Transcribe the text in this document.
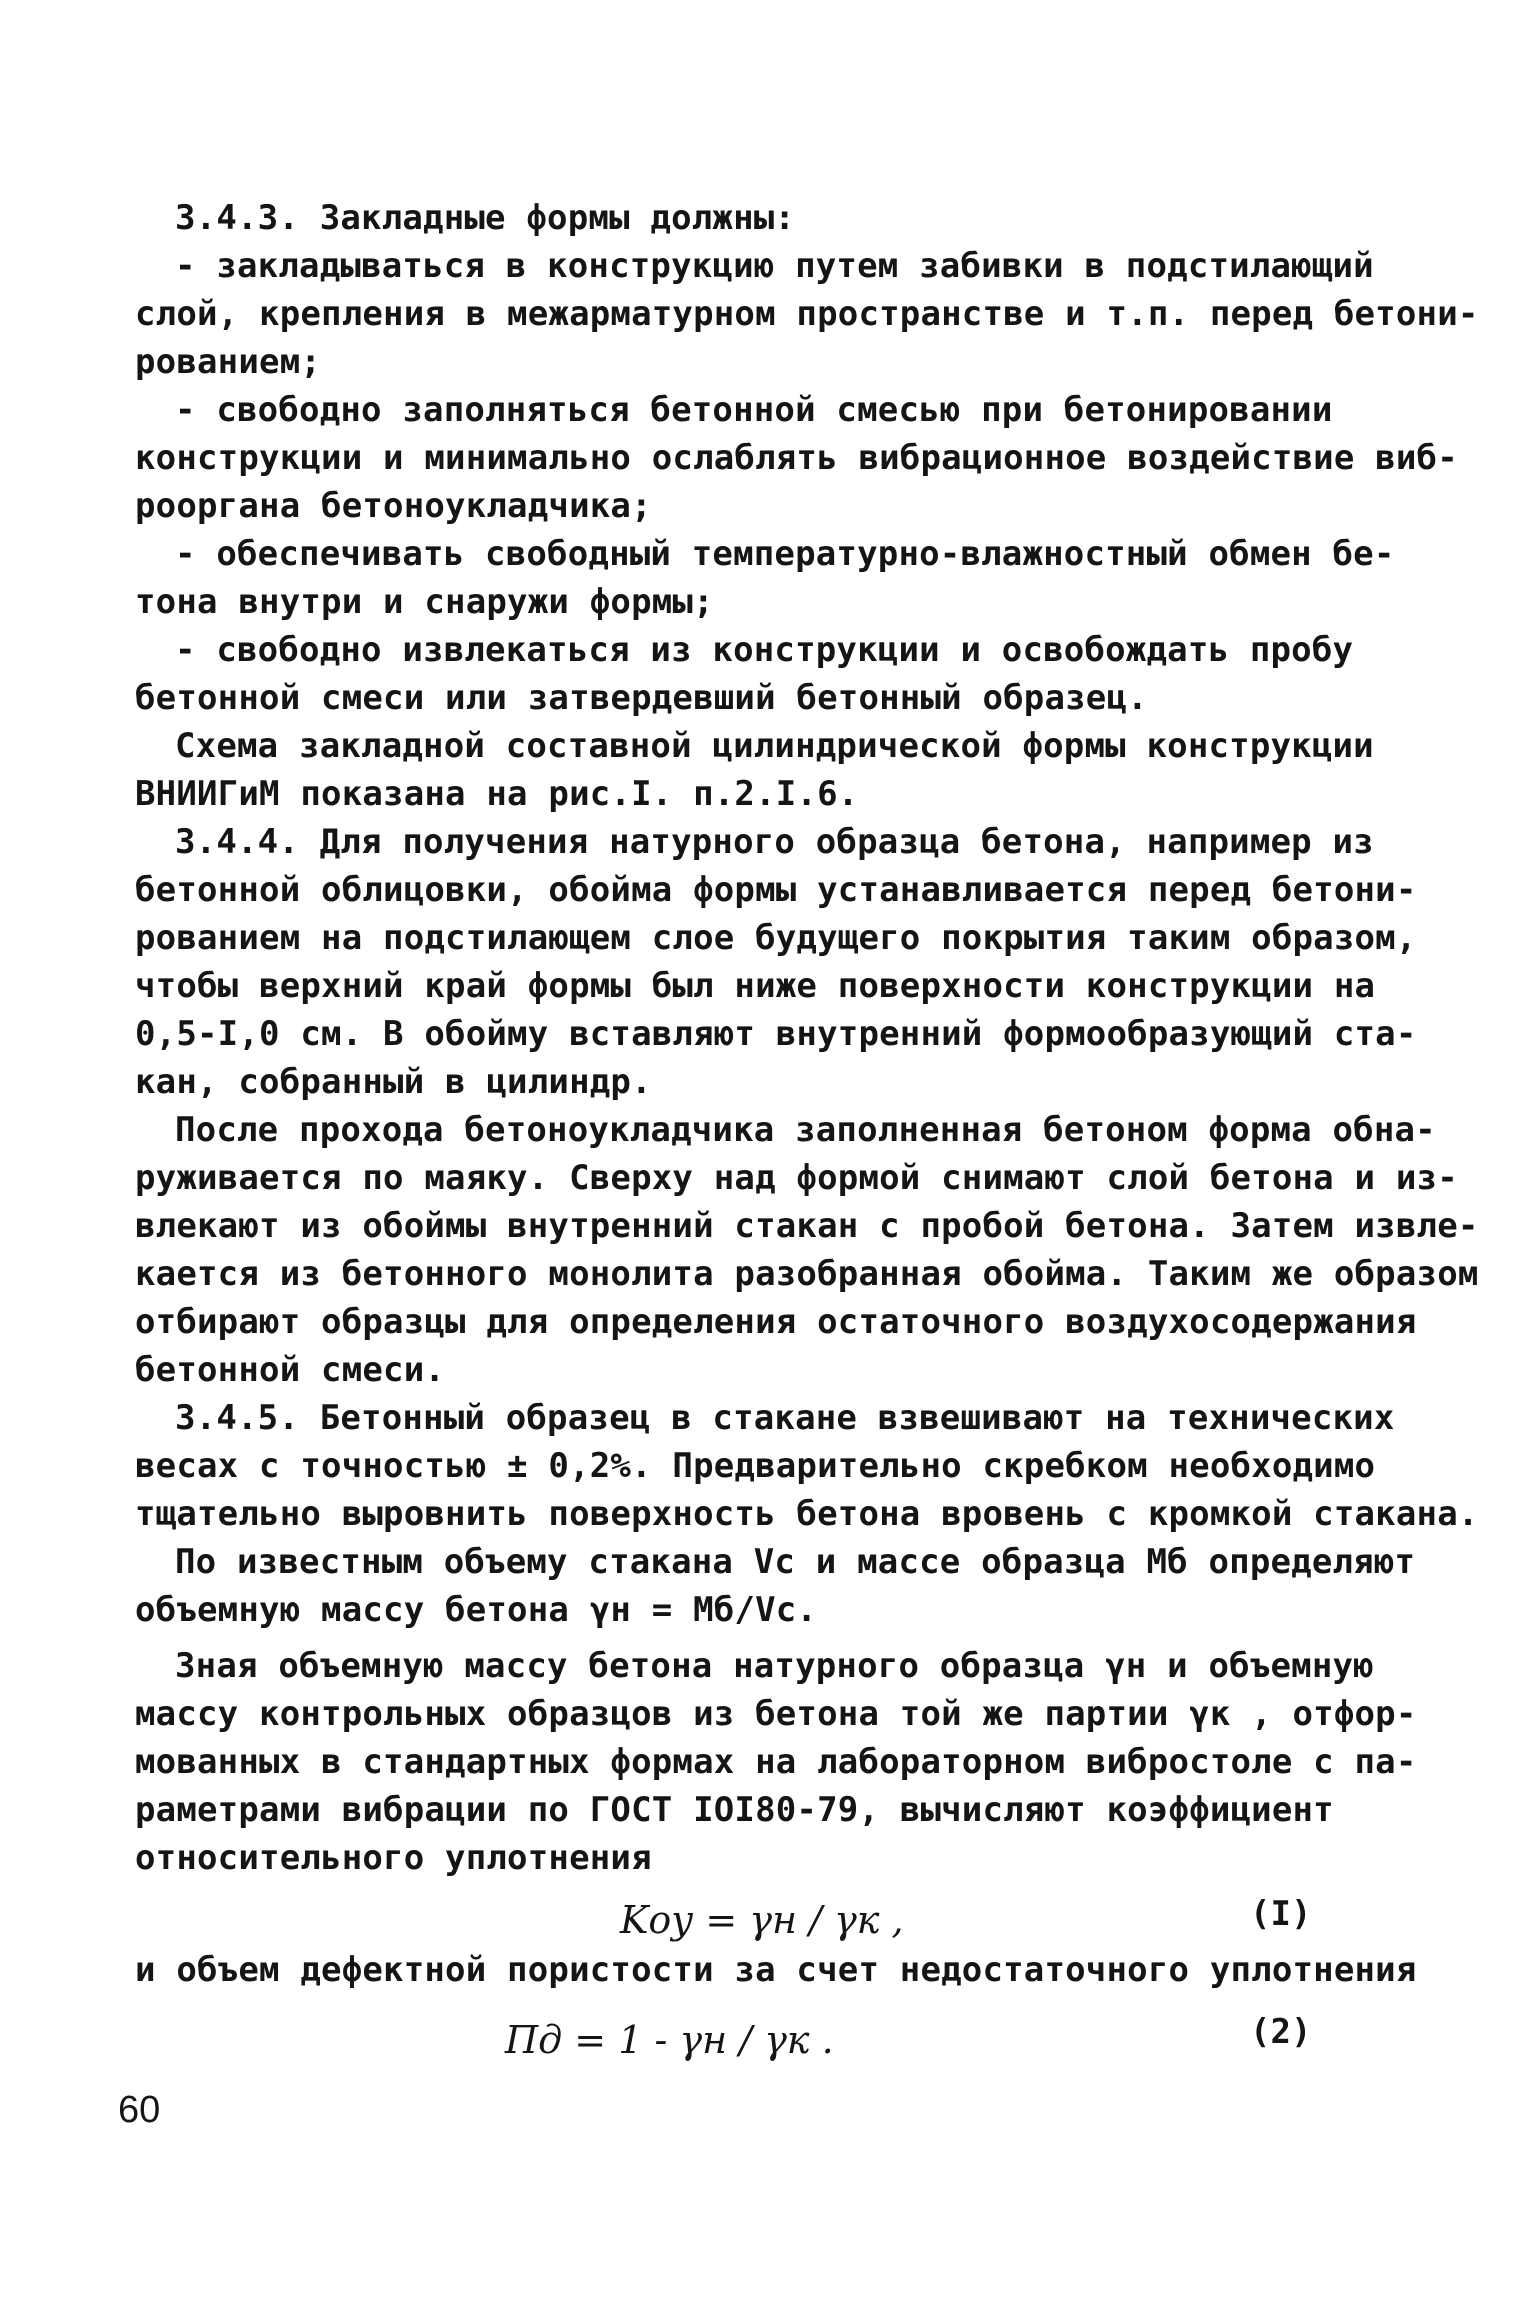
3.4.3. Закладные формы должны:
- закладываться в конструкцию путем забивки в подстилающий
слой, крепления в межарматурном пространстве и т.п. перед бетони-
рованием;
- свободно заполняться бетонной смесью при бетонировании
конструкции и минимально ослаблять вибрационное воздействие виб-
рооргана бетоноукладчика;
- обеспечивать свободный температурно-влажностный обмен бе-
тона внутри и снаружи формы;
- свободно извлекаться из конструкции и освобождать пробу
бетонной смеси или затвердевший бетонный образец.
Схема закладной составной цилиндрической формы конструкции
ВНИИГиМ показана на рис.I. п.2.I.6.
3.4.4. Для получения натурного образца бетона, например из
бетонной облицовки, обойма формы устанавливается перед бетони-
рованием на подстилающем слое будущего покрытия таким образом,
чтобы верхний край формы был ниже поверхности конструкции на
0,5-I,0 см. В обойму вставляют внутренний формообразующий ста-
кан, собранный в цилиндр.
После прохода бетоноукладчика заполненная бетоном форма обна-
руживается по маяку. Сверху над формой снимают слой бетона и из-
влекают из обоймы внутренний стакан с пробой бетона. Затем извле-
кается из бетонного монолита разобранная обойма. Таким же образом
отбирают образцы для определения остаточного воздухосодержания
бетонной смеси.
3.4.5. Бетонный образец в стакане взвешивают на технических
весах с точностью ± 0,2%. Предварительно скребком необходимо
тщательно выровнить поверхность бетона вровень с кромкой стакана.
По известным объему стакана Vc и массе образца Mб определяют
объемную массу бетона γн = Mб/Vc.
Зная объемную массу бетона натурного образца γн и объемную
массу контрольных образцов из бетона той же партии γк , отфор-
мованных в стандартных формах на лабораторном вибростоле с па-
раметрами вибрации по ГОСТ IOI80-79, вычисляют коэффициент
относительного уплотнения
Kоу = γн / γк ,	(I)
и объем дефектной пористости за счет недостаточного уплотнения
Пд = 1 - γн / γк .	(2)
60
